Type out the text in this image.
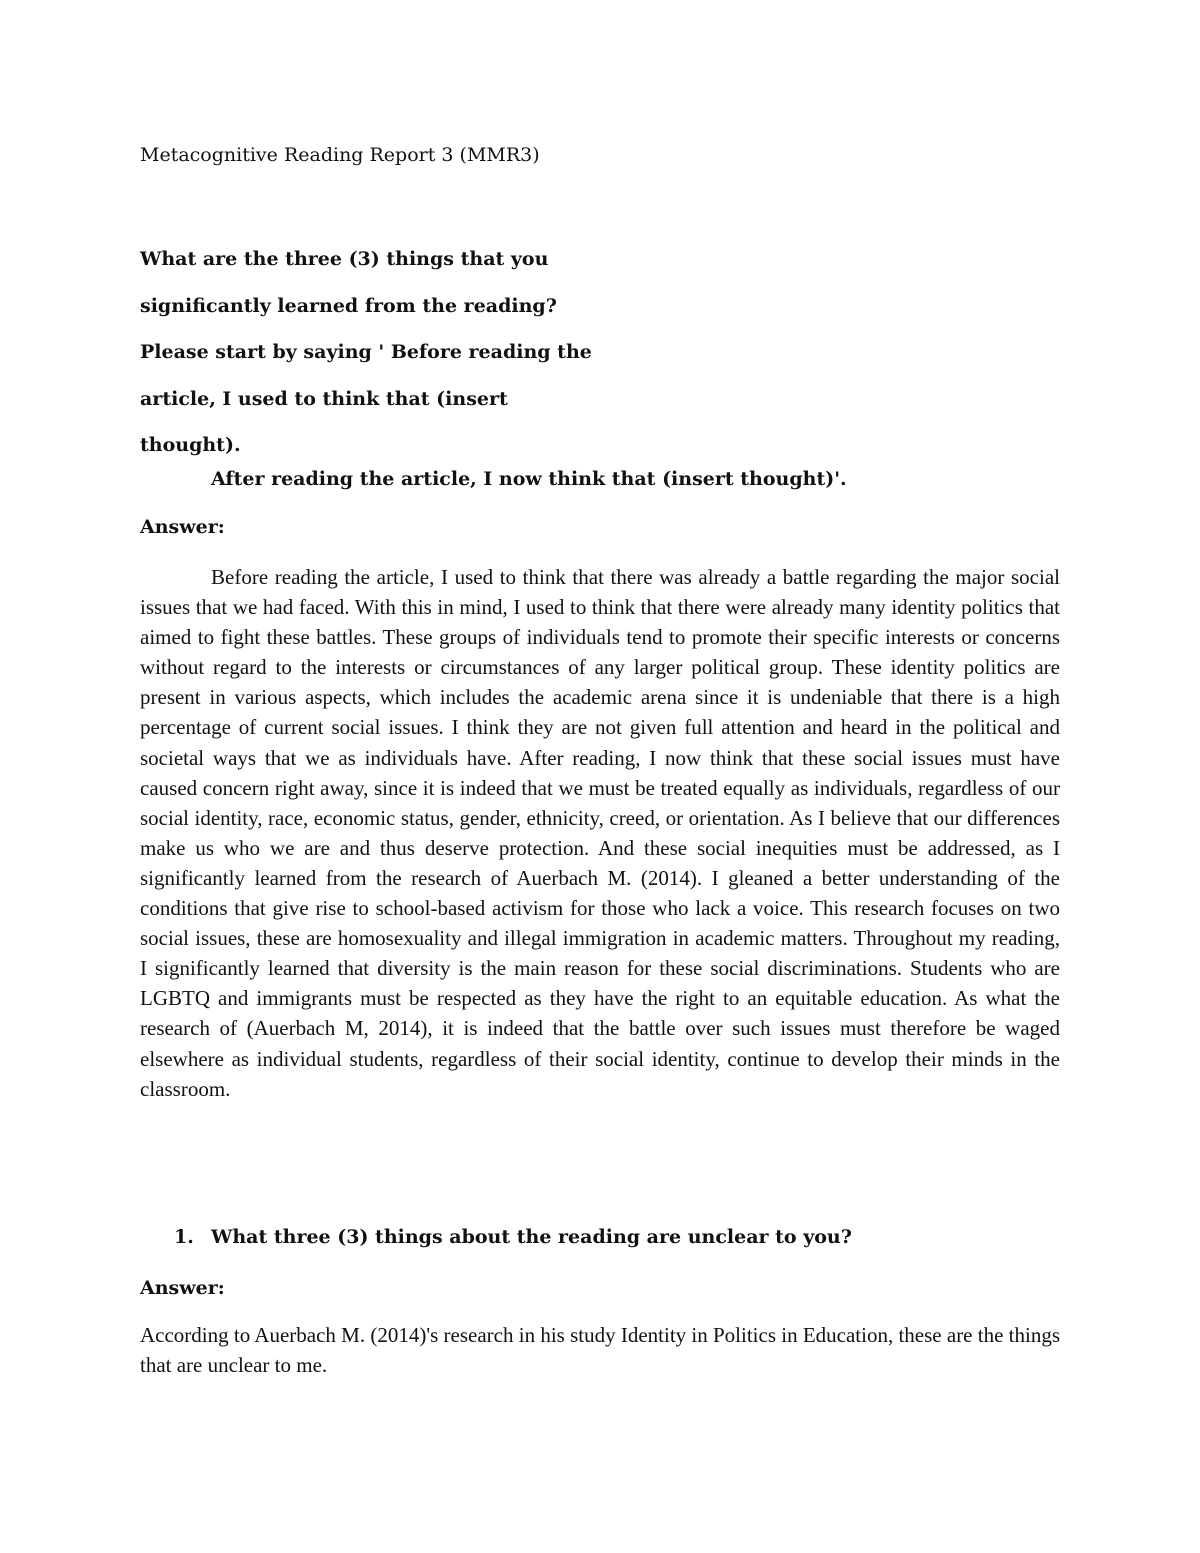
Metacognitive Reading Report 3 (MMR3)

What are the three (3) things that you
significantly learned from the reading?
Please start by saying ' Before reading the
article, I used to think that (insert
thought).

After reading the article, I now think that (insert thought)'.

Answer:

Before reading the article, I used to think that there was already a battle regarding the major social issues that we had faced. With this in mind, I used to think that there were already many identity politics that aimed to fight these battles. These groups of individuals tend to promote their specific interests or concerns without regard to the interests or circumstances of any larger political group. These identity politics are present in various aspects, which includes the academic arena since it is undeniable that there is a high percentage of current social issues. I think they are not given full attention and heard in the political and societal ways that we as individuals have. After reading, I now think that these social issues must have caused concern right away, since it is indeed that we must be treated equally as individuals, regardless of our social identity, race, economic status, gender, ethnicity, creed, or orientation. As I believe that our differences make us who we are and thus deserve protection. And these social inequities must be addressed, as I significantly learned from the research of Auerbach M. (2014). I gleaned a better understanding of the conditions that give rise to school-based activism for those who lack a voice. This research focuses on two social issues, these are homosexuality and illegal immigration in academic matters. Throughout my reading, I significantly learned that diversity is the main reason for these social discriminations. Students who are LGBTQ and immigrants must be respected as they have the right to an equitable education. As what the research of (Auerbach M, 2014), it is indeed that the battle over such issues must therefore be waged elsewhere as individual students, regardless of their social identity, continue to develop their minds in the classroom.

1. What three (3) things about the reading are unclear to you?

Answer:

According to Auerbach M. (2014)'s research in his study Identity in Politics in Education, these are the things that are unclear to me.
